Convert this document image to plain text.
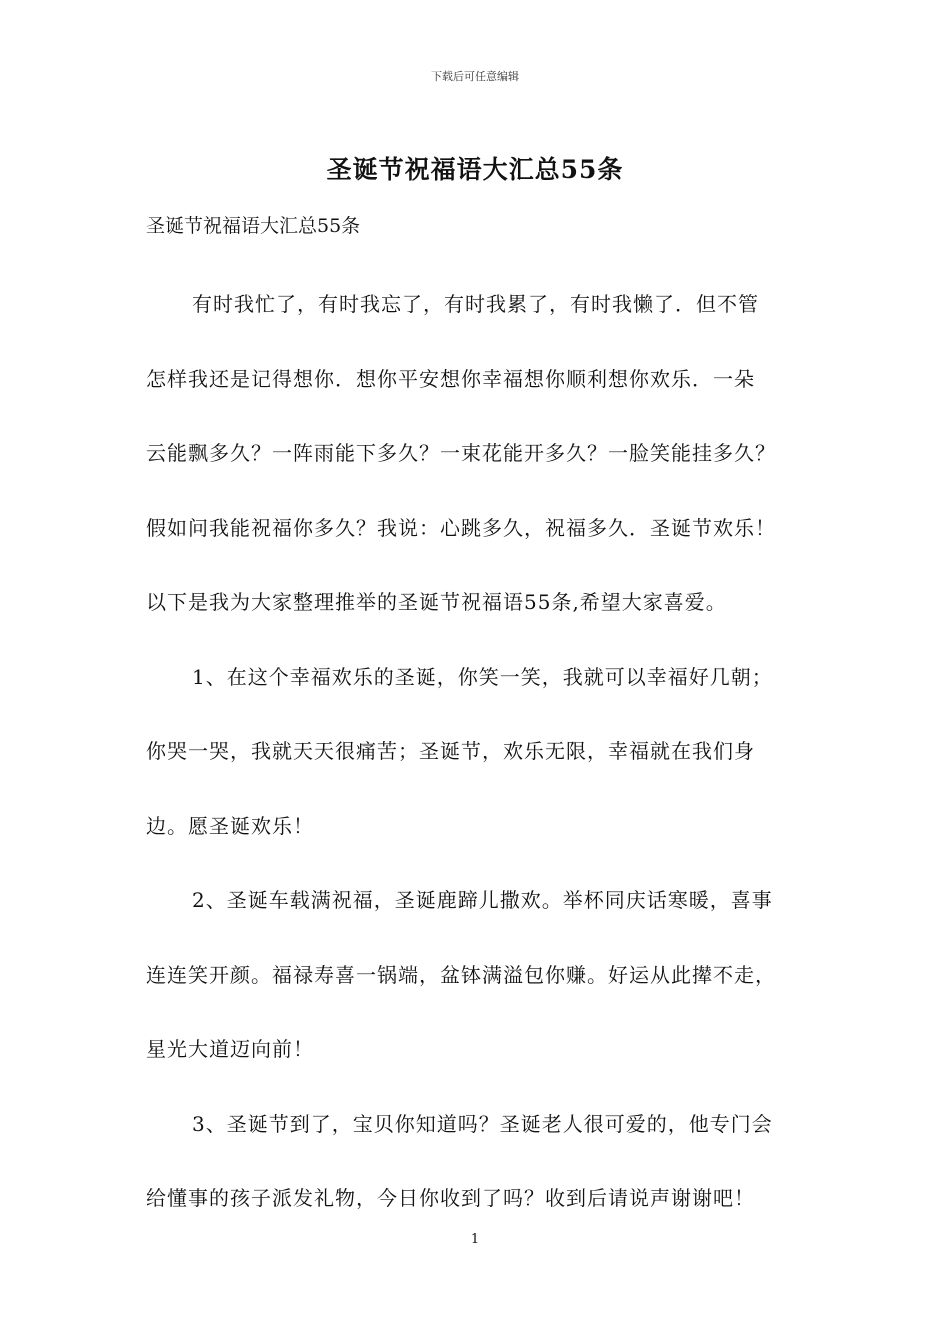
下载后可任意编辑
圣诞节祝福语大汇总55条
圣诞节祝福语大汇总55条
有时我忙了，有时我忘了，有时我累了，有时我懒了．但不管
怎样我还是记得想你．想你平安想你幸福想你顺利想你欢乐．一朵
云能飘多久？一阵雨能下多久？一束花能开多久？一脸笑能挂多久？
假如问我能祝福你多久？我说：心跳多久，祝福多久．圣诞节欢乐！
以下是我为大家整理推举的圣诞节祝福语55条,希望大家喜爱。
1、在这个幸福欢乐的圣诞，你笑一笑，我就可以幸福好几朝；
你哭一哭，我就天天很痛苦；圣诞节，欢乐无限，幸福就在我们身
边。愿圣诞欢乐！
2、圣诞车载满祝福，圣诞鹿蹄儿撒欢。举杯同庆话寒暖，喜事
连连笑开颜。福禄寿喜一锅端，盆钵满溢包你赚。好运从此撵不走，
星光大道迈向前！
3、圣诞节到了，宝贝你知道吗？圣诞老人很可爱的，他专门会
给懂事的孩子派发礼物，今日你收到了吗？收到后请说声谢谢吧！
1
